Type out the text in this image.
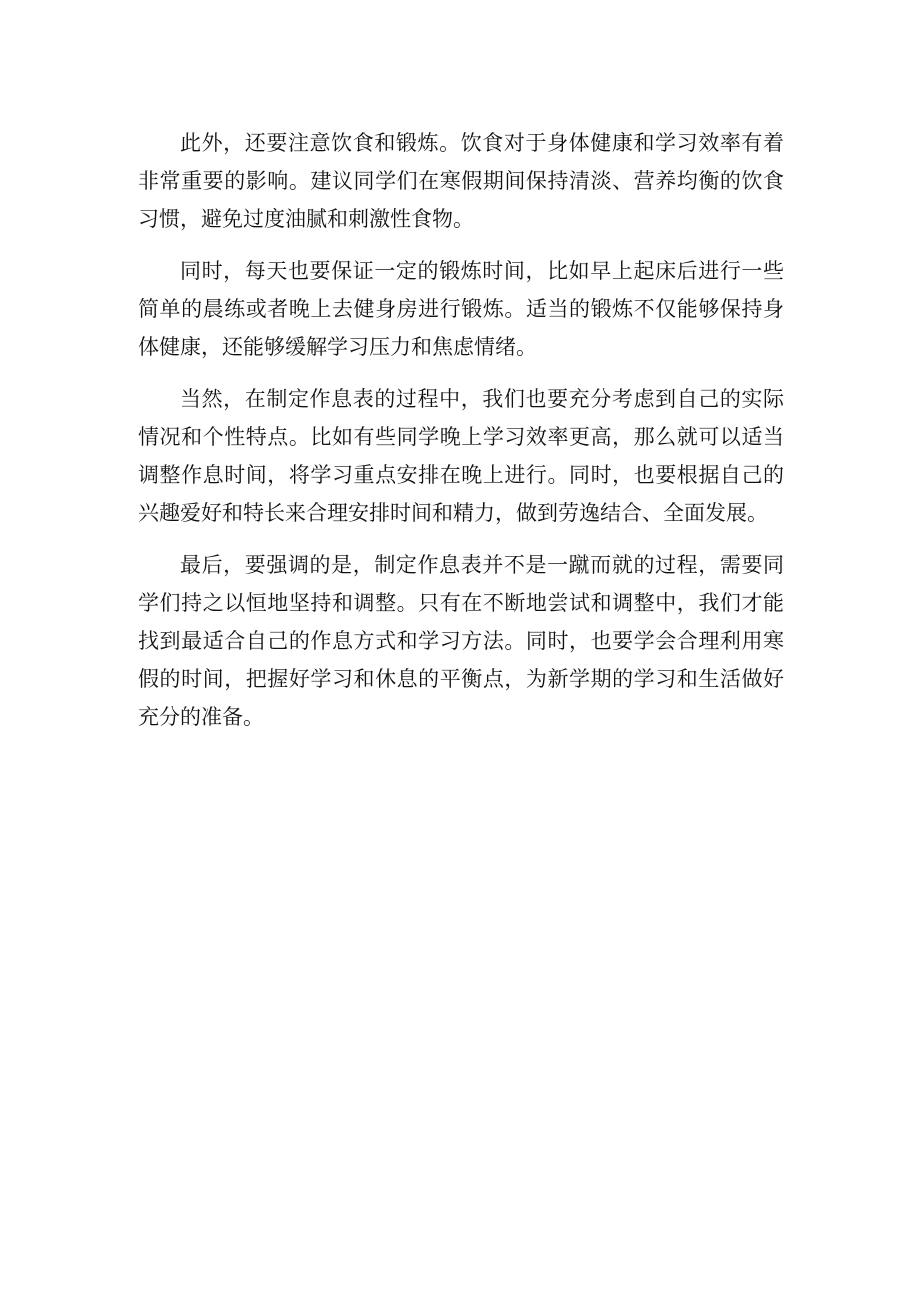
此外，还要注意饮食和锻炼。饮食对于身体健康和学习效率有着非常重要的影响。建议同学们在寒假期间保持清淡、营养均衡的饮食习惯，避免过度油腻和刺激性食物。

同时，每天也要保证一定的锻炼时间，比如早上起床后进行一些简单的晨练或者晚上去健身房进行锻炼。适当的锻炼不仅能够保持身体健康，还能够缓解学习压力和焦虑情绪。

当然，在制定作息表的过程中，我们也要充分考虑到自己的实际情况和个性特点。比如有些同学晚上学习效率更高，那么就可以适当调整作息时间，将学习重点安排在晚上进行。同时，也要根据自己的兴趣爱好和特长来合理安排时间和精力，做到劳逸结合、全面发展。

最后，要强调的是，制定作息表并不是一蹴而就的过程，需要同学们持之以恒地坚持和调整。只有在不断地尝试和调整中，我们才能找到最适合自己的作息方式和学习方法。同时，也要学会合理利用寒假的时间，把握好学习和休息的平衡点，为新学期的学习和生活做好充分的准备。
